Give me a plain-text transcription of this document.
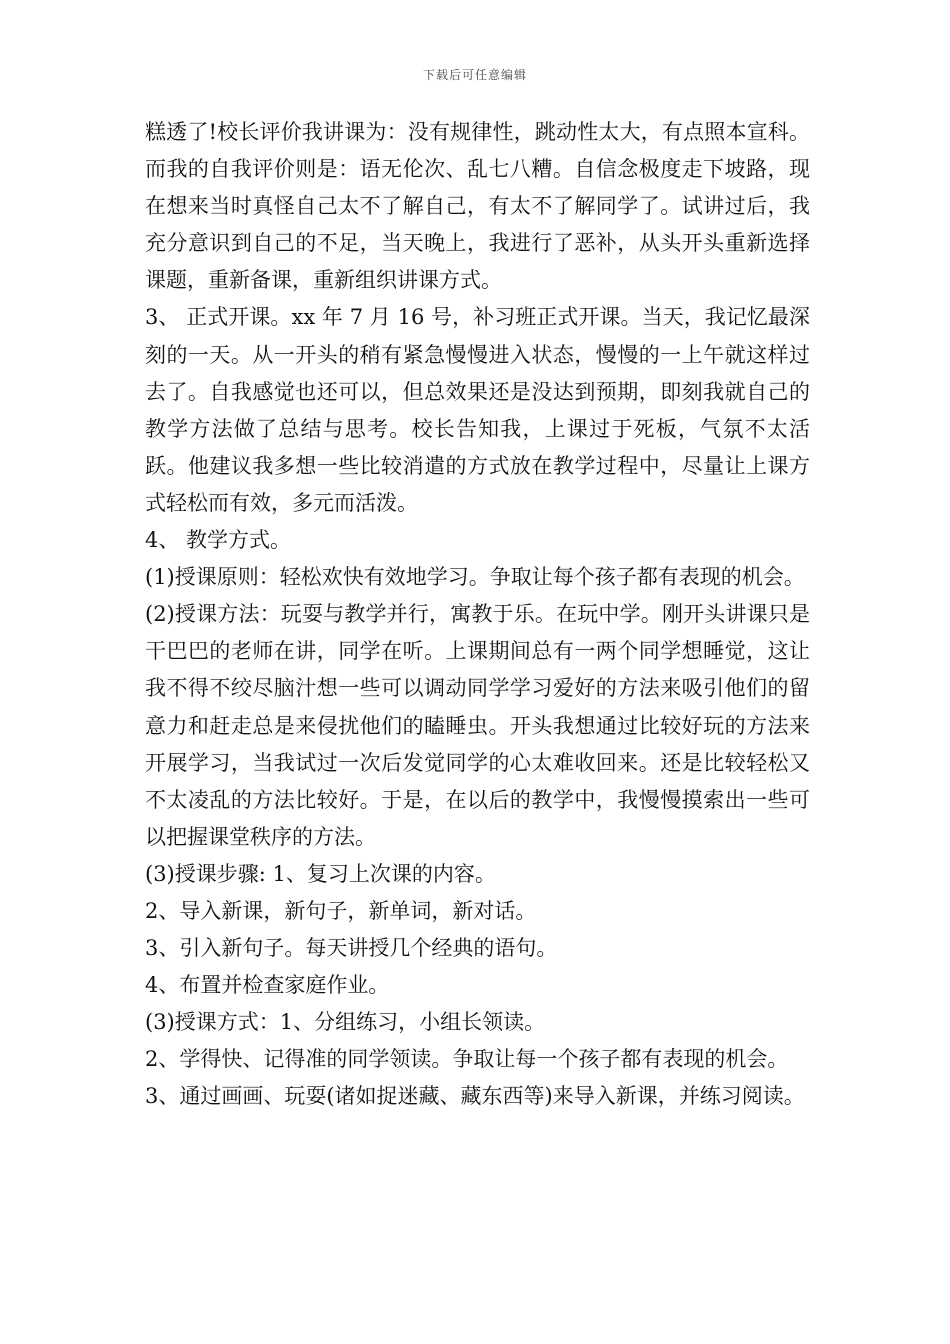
下载后可任意编辑

糕透了!校长评价我讲课为：没有规律性，跳动性太大，有点照本宣科。而我的自我评价则是：语无伦次、乱七八糟。自信念极度走下坡路，现在想来当时真怪自己太不了解自己，有太不了解同学了。试讲过后，我充分意识到自己的不足，当天晚上，我进行了恶补，从头开头重新选择课题，重新备课，重新组织讲课方式。

3、 正式开课。xx 年 7 月 16 号，补习班正式开课。当天，我记忆最深刻的一天。从一开头的稍有紧急慢慢进入状态，慢慢的一上午就这样过去了。自我感觉也还可以，但总效果还是没达到预期，即刻我就自己的教学方法做了总结与思考。校长告知我，上课过于死板，气氛不太活跃。他建议我多想一些比较消遣的方式放在教学过程中，尽量让上课方式轻松而有效，多元而活泼。

4、 教学方式。

(1)授课原则：轻松欢快有效地学习。争取让每个孩子都有表现的机会。

(2)授课方法：玩耍与教学并行，寓教于乐。在玩中学。刚开头讲课只是干巴巴的老师在讲，同学在听。上课期间总有一两个同学想睡觉，这让我不得不绞尽脑汁想一些可以调动同学学习爱好的方法来吸引他们的留意力和赶走总是来侵扰他们的瞌睡虫。开头我想通过比较好玩的方法来开展学习，当我试过一次后发觉同学的心太难收回来。还是比较轻松又不太凌乱的方法比较好。于是，在以后的教学中，我慢慢摸索出一些可以把握课堂秩序的方法。

(3)授课步骤: 1、复习上次课的内容。

2、导入新课，新句子，新单词，新对话。

3、引入新句子。每天讲授几个经典的语句。

4、布置并检查家庭作业。

(3)授课方式：1、分组练习，小组长领读。

2、学得快、记得准的同学领读。争取让每一个孩子都有表现的机会。

3、通过画画、玩耍(诸如捉迷藏、藏东西等)来导入新课，并练习阅读。
